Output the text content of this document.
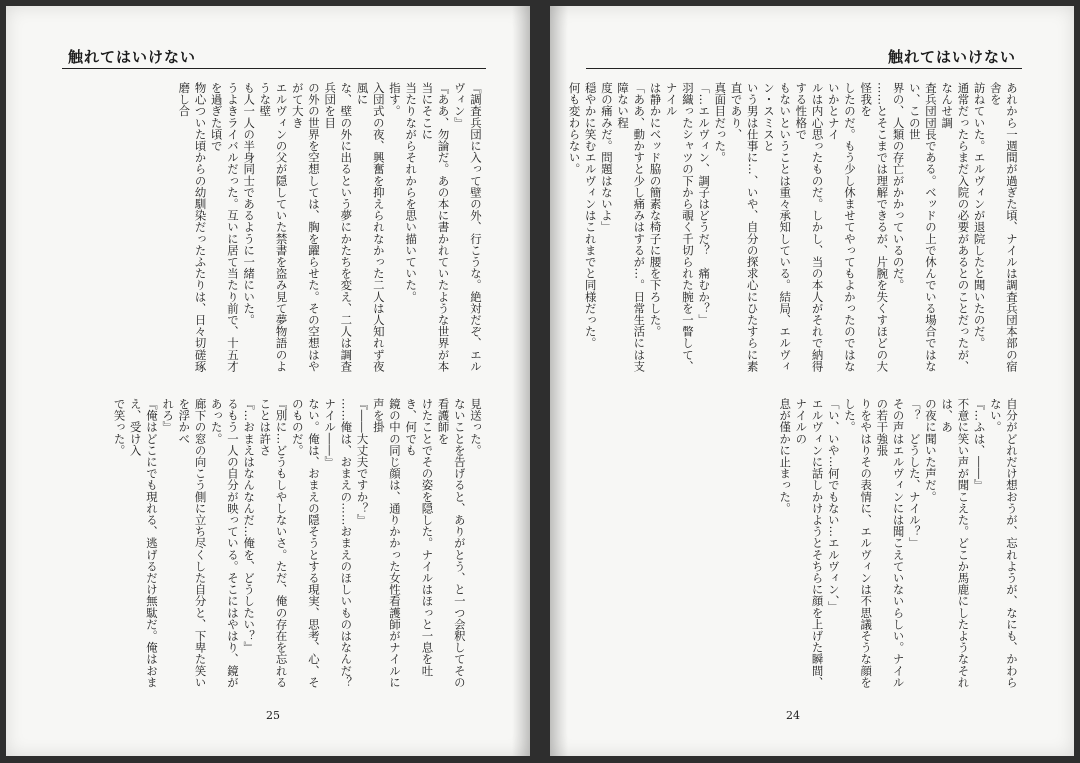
触れてはいけない
『調査兵団に入って壁の外、行こうな。絶対だぞ、エルヴィン』
『ああ、勿論だ。あの本に書かれていたような世界が本当にそこに
当たりながらそれからを思い描いていた。
指す。
入団式の夜、興奮を抑えられなかった二人は人知れず夜風に
な、壁の外に出るという夢にかたちを変え、二人は調査兵団を目
の外の世界を空想しては、胸を躍らせた。その空想はやがて大き
エルヴィンの父が隠していた禁書を盗み見て夢物語のような壁
も人一人の半身同士であるように一緒にいた。
うよきライバルだった。互いに居て当たり前で、十五才を過ぎた頃で
物心ついた頃からの幼馴染だったふたりは、日々切磋琢磨し合
見送った。
ないことを告げると、ありがとう、と一つ会釈してその看護師を
けたことでその姿を隠した。ナイルはほっと一息を吐き、何でも
鏡の中の同じ顔は、通りかかった女性看護師がナイルに声を掛
『――大丈夫ですか？』
……俺は、おまえの……おまえのほしいものはなんだ？　ナイル――』
ない。俺は、おまえの隠そうとする現実、思考、心、そのものだ。
『別に…どうもしやしないさ。ただ、俺の存在を忘れることは許さ
『…おまえはなんなんだ…俺を、どうしたい？』
るもう一人の自分が映っている。そこにはやはり、鏡があった。
廊下の窓の向こう側に立ち尽くした自分と、下卑た笑いを浮かべ
れろ』
『俺はどこにでも現れる、逃げるだけ無駄だ。俺はおまえ、受け入
で笑った。
25
触れてはいけない
あれから一週間が過ぎた頃、ナイルは調査兵団本部の宿舎を
訪ねていた。エルヴィンが退院したと聞いたのだ。
通常だったらまだ入院の必要があるとのことだったが、なんせ調
査兵団団長である。ベッドの上で休んでいる場合ではない、この世
界の、人類の存亡がかかっているのだ。
……とそこまでは理解できるが、片腕を失くすほどの大怪我を
したのだ。もう少し休ませてやってもよかったのではないかとナイ
ルは内心思ったものだ。しかし、当の本人がそれで納得する性格で
もないということは重々承知している。結局、エルヴィン・スミスと
いう男は仕事に…、いや、自分の探求心にひたすらに素直であり、
真面目だった。
「…エルヴィン、調子はどうだ？　痛むか？」
羽織ったシャツの下から覗く千切られた腕を一瞥して、ナイル
は静かにベッド脇の簡素な椅子に腰を下ろした。
「ああ、動かすと少し痛みはするが…。日常生活には支障ない程
度の痛みだ。問題はないよ」
穏やかに笑むエルヴィンはこれまでと同様だった。
何も変わらない。
自分がどれだけ想おうが、忘れようが、なにも、かわらない。
『…ふは、――』
不意に笑い声が聞こえた。どこか馬鹿にしたようなそれは、あ
の夜に聞いた声だ。
「？　どうした、ナイル？」
その声はエルヴィンには聞こえていないらしい。ナイルの若干強張
りをやはりその表情に、エルヴィンは不思議そうな顔をした。
「い、いや…何でもない…エルヴィン、」
エルヴィンに話しかけようとそちらに顔を上げた瞬間、ナイルの
息が僅かに止まった。
24
